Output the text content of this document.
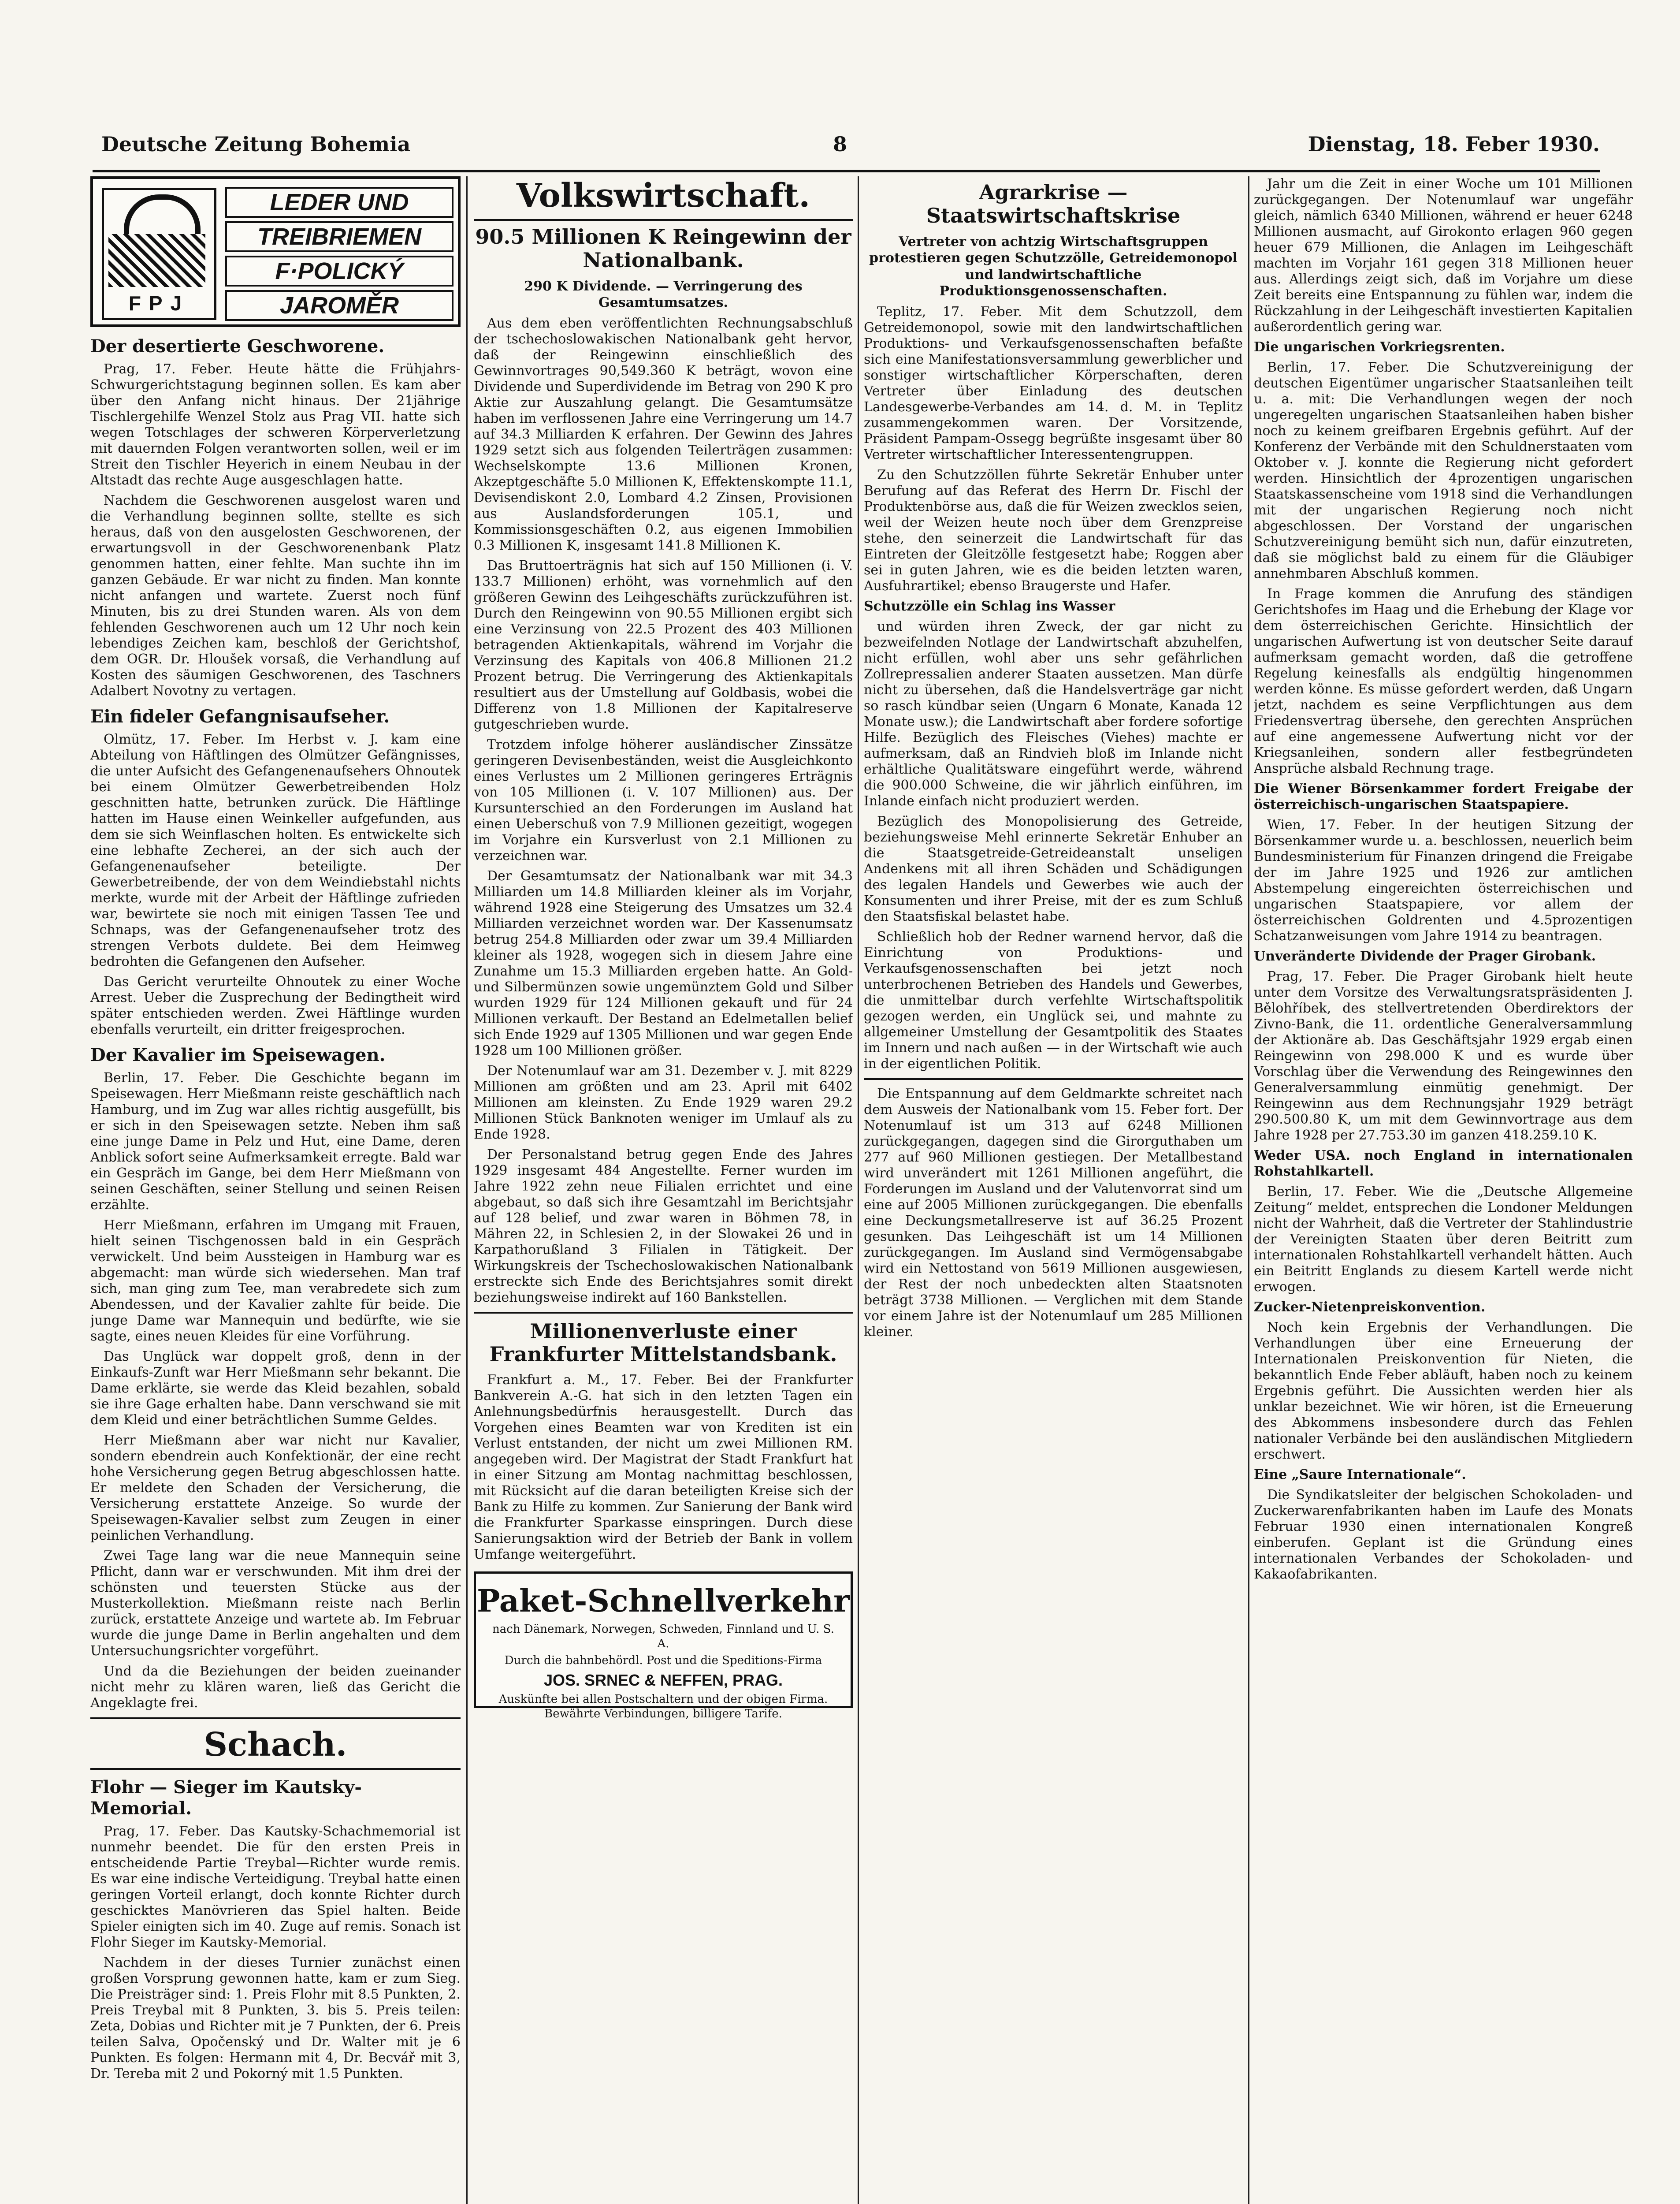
Deutsche Zeitung Bohemia	8	Dienstag, 18. Feber 1930.
FPJ
LEDER UND
TREIBRIEMEN
F·POLICKÝ
JAROMĚR
Der desertierte Geschworene.

Prag, 17. Feber. Heute hätte die Frühjahrs-Schwurgerichtstagung beginnen sollen. Es kam aber über den Anfang nicht hinaus. Der 21jährige Tischlergehilfe Wenzel Stolz aus Prag VII. hatte sich wegen Totschlages der schweren Körperverletzung mit dauernden Folgen verantworten sollen, weil er im Streit den Tischler Heyerich in einem Neubau in der Altstadt das rechte Auge ausgeschlagen hatte.

Nachdem die Geschworenen ausgelost waren und die Verhandlung beginnen sollte, stellte es sich heraus, daß von den ausgelosten Geschworenen, der erwartungsvoll in der Geschworenenbank Platz genommen hatten, einer fehlte. Man suchte ihn im ganzen Gebäude. Er war nicht zu finden. Man konnte nicht anfangen und wartete. Zuerst noch fünf Minuten, bis zu drei Stunden waren. Als von dem fehlenden Geschworenen auch um 12 Uhr noch kein lebendiges Zeichen kam, beschloß der Gerichtshof, dem OGR. Dr. Hloušek vorsaß, die Verhandlung auf Kosten des säumigen Geschworenen, des Taschners Adalbert Novotny zu vertagen.

Ein fideler Gefangnisaufseher.

Olmütz, 17. Feber. Im Herbst v. J. kam eine Abteilung von Häftlingen des Olmützer Gefängnisses, die unter Aufsicht des Gefangenenaufsehers Ohnoutek bei einem Olmützer Gewerbetreibenden Holz geschnitten hatte, betrunken zurück. Die Häftlinge hatten im Hause einen Weinkeller aufgefunden, aus dem sie sich Weinflaschen holten. Es entwickelte sich eine lebhafte Zecherei, an der sich auch der Gefangenenaufseher beteiligte. Der Gewerbetreibende, der von dem Weindiebstahl nichts merkte, wurde mit der Arbeit der Häftlinge zufrieden war, bewirtete sie noch mit einigen Tassen Tee und Schnaps, was der Gefangenenaufseher trotz des strengen Verbots duldete. Bei dem Heimweg bedrohten die Gefangenen den Aufseher.

Das Gericht verurteilte Ohnoutek zu einer Woche Arrest. Ueber die Zusprechung der Bedingtheit wird später entschieden werden. Zwei Häftlinge wurden ebenfalls verurteilt, ein dritter freigesprochen.

Der Kavalier im Speisewagen.

Berlin, 17. Feber. Die Geschichte begann im Speisewagen. Herr Mießmann reiste geschäftlich nach Hamburg, und im Zug war alles richtig ausgefüllt, bis er sich in den Speisewagen setzte. Neben ihm saß eine junge Dame in Pelz und Hut, eine Dame, deren Anblick sofort seine Aufmerksamkeit erregte. Bald war ein Gespräch im Gange, bei dem Herr Mießmann von seinen Geschäften, seiner Stellung und seinen Reisen erzählte.

Herr Mießmann, erfahren im Umgang mit Frauen, hielt seinen Tischgenossen bald in ein Gespräch verwickelt. Und beim Aussteigen in Hamburg war es abgemacht: man würde sich wiedersehen. Man traf sich, man ging zum Tee, man verabredete sich zum Abendessen, und der Kavalier zahlte für beide. Die junge Dame war Mannequin und bedürfte, wie sie sagte, eines neuen Kleides für eine Vorführung.

Das Unglück war doppelt groß, denn in der Einkaufs-Zunft war Herr Mießmann sehr bekannt. Die Dame erklärte, sie werde das Kleid bezahlen, sobald sie ihre Gage erhalten habe. Dann verschwand sie mit dem Kleid und einer beträchtlichen Summe Geldes.

Herr Mießmann aber war nicht nur Kavalier, sondern ebendrein auch Konfektionär, der eine recht hohe Versicherung gegen Betrug abgeschlossen hatte. Er meldete den Schaden der Versicherung, die Versicherung erstattete Anzeige. So wurde der Speisewagen-Kavalier selbst zum Zeugen in einer peinlichen Verhandlung.

Zwei Tage lang war die neue Mannequin seine Pflicht, dann war er verschwunden. Mit ihm drei der schönsten und teuersten Stücke aus der Musterkollektion. Mießmann reiste nach Berlin zurück, erstattete Anzeige und wartete ab. Im Februar wurde die junge Dame in Berlin angehalten und dem Untersuchungsrichter vorgeführt.

Und da die Beziehungen der beiden zueinander nicht mehr zu klären waren, ließ das Gericht die Angeklagte frei.

Schach.
Flohr — Sieger im Kautsky-Memorial.

Prag, 17. Feber. Das Kautsky-Schachmemorial ist nunmehr beendet. Die für den ersten Preis in entscheidende Partie Treybal—Richter wurde remis. Es war eine indische Verteidigung. Treybal hatte einen geringen Vorteil erlangt, doch konnte Richter durch geschicktes Manövrieren das Spiel halten. Beide Spieler einigten sich im 40. Zuge auf remis. Sonach ist Flohr Sieger im Kautsky-Memorial.

Nachdem in der dieses Turnier zunächst einen großen Vorsprung gewonnen hatte, kam er zum Sieg. Die Preisträger sind: 1. Preis Flohr mit 8.5 Punkten, 2. Preis Treybal mit 8 Punkten, 3. bis 5. Preis teilen: Zeta, Dobias und Richter mit je 7 Punkten, der 6. Preis teilen Salva, Opočenský und Dr. Walter mit je 6 Punkten. Es folgen: Hermann mit 4, Dr. Becvář mit 3, Dr. Tereba mit 2 und Pokorný mit 1.5 Punkten.

Volkswirtschaft.
90.5 Millionen K Reingewinn der Nationalbank.
290 K Dividende. — Verringerung des Gesamtumsatzes.

Aus dem eben veröffentlichten Rechnungsabschluß der tschechoslowakischen Nationalbank geht hervor, daß der Reingewinn einschließlich des Gewinnvortrages 90,549.360 K beträgt, wovon eine Dividende und Superdividende im Betrag von 290 K pro Aktie zur Auszahlung gelangt. Die Gesamtumsätze haben im verflossenen Jahre eine Verringerung um 14.7 auf 34.3 Milliarden K erfahren. Der Gewinn des Jahres 1929 setzt sich aus folgenden Teilerträgen zusammen: Wechselskompte 13.6 Millionen Kronen, Akzeptgeschäfte 5.0 Millionen K, Effektenskompte 11.1, Devisendiskont 2.0, Lombard 4.2 Zinsen, Provisionen aus Auslandsforderungen 105.1, und Kommissionsgeschäften 0.2, aus eigenen Immobilien 0.3 Millionen K, insgesamt 141.8 Millionen K.

Das Bruttoerträgnis hat sich auf 150 Millionen (i. V. 133.7 Millionen) erhöht, was vornehmlich auf den größeren Gewinn des Leihgeschäfts zurückzuführen ist. Durch den Reingewinn von 90.55 Millionen ergibt sich eine Verzinsung von 22.5 Prozent des 403 Millionen betragenden Aktienkapitals, während im Vorjahr die Verzinsung des Kapitals von 406.8 Millionen 21.2 Prozent betrug. Die Verringerung des Aktienkapitals resultiert aus der Umstellung auf Goldbasis, wobei die Differenz von 1.8 Millionen der Kapitalreserve gutgeschrieben wurde.

Trotzdem infolge höherer ausländischer Zinssätze geringeren Devisenbeständen, weist die Ausgleichkonto eines Verlustes um 2 Millionen geringeres Erträgnis von 105 Millionen (i. V. 107 Millionen) aus. Der Kursunterschied an den Forderungen im Ausland hat einen Ueberschuß von 7.9 Millionen gezeitigt, wogegen im Vorjahre ein Kursverlust von 2.1 Millionen zu verzeichnen war.

Der Gesamtumsatz der Nationalbank war mit 34.3 Milliarden um 14.8 Milliarden kleiner als im Vorjahr, während 1928 eine Steigerung des Umsatzes um 32.4 Milliarden verzeichnet worden war. Der Kassenumsatz betrug 254.8 Milliarden oder zwar um 39.4 Milliarden kleiner als 1928, wogegen sich in diesem Jahre eine Zunahme um 15.3 Milliarden ergeben hatte. An Gold- und Silbermünzen sowie ungemünztem Gold und Silber wurden 1929 für 124 Millionen gekauft und für 24 Millionen verkauft. Der Bestand an Edelmetallen belief sich Ende 1929 auf 1305 Millionen und war gegen Ende 1928 um 100 Millionen größer.

Der Notenumlauf war am 31. Dezember v. J. mit 8229 Millionen am größten und am 23. April mit 6402 Millionen am kleinsten. Zu Ende 1929 waren 29.2 Millionen Stück Banknoten weniger im Umlauf als zu Ende 1928.

Der Personalstand betrug gegen Ende des Jahres 1929 insgesamt 484 Angestellte. Ferner wurden im Jahre 1922 zehn neue Filialen errichtet und eine abgebaut, so daß sich ihre Gesamtzahl im Berichtsjahr auf 128 belief, und zwar waren in Böhmen 78, in Mähren 22, in Schlesien 2, in der Slowakei 26 und in Karpathorußland 3 Filialen in Tätigkeit. Der Wirkungskreis der Tschechoslowakischen Nationalbank erstreckte sich Ende des Berichtsjahres somit direkt beziehungsweise indirekt auf 160 Bankstellen.

Millionenverluste einer Frankfurter Mittelstandsbank.

Frankfurt a. M., 17. Feber. Bei der Frankfurter Bankverein A.-G. hat sich in den letzten Tagen ein Anlehnungsbedürfnis herausgestellt. Durch das Vorgehen eines Beamten war von Krediten ist ein Verlust entstanden, der nicht um zwei Millionen RM. angegeben wird. Der Magistrat der Stadt Frankfurt hat in einer Sitzung am Montag nachmittag beschlossen, mit Rücksicht auf die daran beteiligten Kreise sich der Bank zu Hilfe zu kommen. Zur Sanierung der Bank wird die Frankfurter Sparkasse einspringen. Durch diese Sanierungsaktion wird der Betrieb der Bank in vollem Umfange weitergeführt.

Paket-Schnellverkehr
nach Dänemark, Norwegen, Schweden, Finnland und U. S. A.
Durch die bahnbehördl. Post und die Speditions-Firma
JOS. SRNEC & NEFFEN, PRAG.
Auskünfte bei allen Postschaltern und der obigen Firma. Bewährte Verbindungen, billigere Tarife.
Agrarkrise — Staatswirtschaftskrise
Vertreter von achtzig Wirtschaftsgruppen protestieren gegen Schutzzölle, Getreidemonopol und landwirtschaftliche Produktionsgenossenschaften.

Teplitz, 17. Feber. Mit dem Schutzzoll, dem Getreidemonopol, sowie mit den landwirtschaftlichen Produktions- und Verkaufsgenossenschaften befaßte sich eine Manifestationsversammlung gewerblicher und sonstiger wirtschaftlicher Körperschaften, deren Vertreter über Einladung des deutschen Landesgewerbe-Verbandes am 14. d. M. in Teplitz zusammengekommen waren. Der Vorsitzende, Präsident Pampam-Ossegg begrüßte insgesamt über 80 Vertreter wirtschaftlicher Interessentengruppen.

Zu den Schutzzöllen führte Sekretär Enhuber unter Berufung auf das Referat des Herrn Dr. Fischl der Produktenbörse aus, daß die für Weizen zwecklos seien, weil der Weizen heute noch über dem Grenzpreise stehe, den seinerzeit die Landwirtschaft für das Eintreten der Gleitzölle festgesetzt habe; Roggen aber sei in guten Jahren, wie es die beiden letzten waren, Ausfuhrartikel; ebenso Braugerste und Hafer.

Schutzzölle ein Schlag ins Wasser

und würden ihren Zweck, der gar nicht zu bezweifelnden Notlage der Landwirtschaft abzuhelfen, nicht erfüllen, wohl aber uns sehr gefährlichen Zollrepressalien anderer Staaten aussetzen. Man dürfe nicht zu übersehen, daß die Handelsverträge gar nicht so rasch kündbar seien (Ungarn 6 Monate, Kanada 12 Monate usw.); die Landwirtschaft aber fordere sofortige Hilfe. Bezüglich des Fleisches (Viehes) machte er aufmerksam, daß an Rindvieh bloß im Inlande nicht erhältliche Qualitätsware eingeführt werde, während die 900.000 Schweine, die wir jährlich einführen, im Inlande einfach nicht produziert werden.

Bezüglich des Monopolisierung des Getreide, beziehungsweise Mehl erinnerte Sekretär Enhuber an die Staatsgetreide-Getreideanstalt unseligen Andenkens mit all ihren Schäden und Schädigungen des legalen Handels und Gewerbes wie auch der Konsumenten und ihrer Preise, mit der es zum Schluß den Staatsfiskal belastet habe.

Schließlich hob der Redner warnend hervor, daß die Einrichtung von Produktions- und Verkaufsgenossenschaften bei jetzt noch unterbrochenen Betrieben des Handels und Gewerbes, die unmittelbar durch verfehlte Wirtschaftspolitik gezogen werden, ein Unglück sei, und mahnte zu allgemeiner Umstellung der Gesamtpolitik des Staates im Innern und nach außen — in der Wirtschaft wie auch in der eigentlichen Politik.

Die Entspannung auf dem Geldmarkte schreitet nach dem Ausweis der Nationalbank vom 15. Feber fort. Der Notenumlauf ist um 313 auf 6248 Millionen zurückgegangen, dagegen sind die Girorguthaben um 277 auf 960 Millionen gestiegen. Der Metallbestand wird unverändert mit 1261 Millionen angeführt, die Forderungen im Ausland und der Valutenvorrat sind um eine auf 2005 Millionen zurückgegangen. Die ebenfalls eine Deckungsmetallreserve ist auf 36.25 Prozent gesunken. Das Leihgeschäft ist um 14 Millionen zurückgegangen. Im Ausland sind Vermögensabgabe wird ein Nettostand von 5619 Millionen ausgewiesen, der Rest der noch unbedeckten alten Staatsnoten beträgt 3738 Millionen. — Verglichen mit dem Stande vor einem Jahre ist der Notenumlauf um 285 Millionen kleiner.

Jahr um die Zeit in einer Woche um 101 Millionen zurückgegangen. Der Notenumlauf war ungefähr gleich, nämlich 6340 Millionen, während er heuer 6248 Millionen ausmacht, auf Girokonto erlagen 960 gegen heuer 679 Millionen, die Anlagen im Leihgeschäft machten im Vorjahr 161 gegen 318 Millionen heuer aus. Allerdings zeigt sich, daß im Vorjahre um diese Zeit bereits eine Entspannung zu fühlen war, indem die Rückzahlung in der Leihgeschäft investierten Kapitalien außerordentlich gering war.

Die ungarischen Vorkriegsrenten.

Berlin, 17. Feber. Die Schutzvereinigung der deutschen Eigentümer ungarischer Staatsanleihen teilt u. a. mit: Die Verhandlungen wegen der noch ungeregelten ungarischen Staatsanleihen haben bisher noch zu keinem greifbaren Ergebnis geführt. Auf der Konferenz der Verbände mit den Schuldnerstaaten vom Oktober v. J. konnte die Regierung nicht gefordert werden. Hinsichtlich der 4prozentigen ungarischen Staatskassenscheine vom 1918 sind die Verhandlungen mit der ungarischen Regierung noch nicht abgeschlossen. Der Vorstand der ungarischen Schutzvereinigung bemüht sich nun, dafür einzutreten, daß sie möglichst bald zu einem für die Gläubiger annehmbaren Abschluß kommen.

In Frage kommen die Anrufung des ständigen Gerichtshofes im Haag und die Erhebung der Klage vor dem österreichischen Gerichte. Hinsichtlich der ungarischen Aufwertung ist von deutscher Seite darauf aufmerksam gemacht worden, daß die getroffene Regelung keinesfalls als endgültig hingenommen werden könne. Es müsse gefordert werden, daß Ungarn jetzt, nachdem es seine Verpflichtungen aus dem Friedensvertrag übersehe, den gerechten Ansprüchen auf eine angemessene Aufwertung nicht vor der Kriegsanleihen, sondern aller festbegründeten Ansprüche alsbald Rechnung trage.

Die Wiener Börsenkammer fordert Freigabe der österreichisch-ungarischen Staatspapiere.

Wien, 17. Feber. In der heutigen Sitzung der Börsenkammer wurde u. a. beschlossen, neuerlich beim Bundesministerium für Finanzen dringend die Freigabe der im Jahre 1925 und 1926 zur amtlichen Abstempelung eingereichten österreichischen und ungarischen Staatspapiere, vor allem der österreichischen Goldrenten und 4.5prozentigen Schatzanweisungen vom Jahre 1914 zu beantragen.

Unveränderte Dividende der Prager Girobank.

Prag, 17. Feber. Die Prager Girobank hielt heute unter dem Vorsitze des Verwaltungsratspräsidenten J. Bělohříbek, des stellvertretenden Oberdirektors der Zivno-Bank, die 11. ordentliche Generalversammlung der Aktionäre ab. Das Geschäftsjahr 1929 ergab einen Reingewinn von 298.000 K und es wurde über Vorschlag über die Verwendung des Reingewinnes den Generalversammlung einmütig genehmigt. Der Reingewinn aus dem Rechnungsjahr 1929 beträgt 290.500.80 K, um mit dem Gewinnvortrage aus dem Jahre 1928 per 27.753.30 im ganzen 418.259.10 K.

Weder USA. noch England in internationalen Rohstahlkartell.

Berlin, 17. Feber. Wie die „Deutsche Allgemeine Zeitung“ meldet, entsprechen die Londoner Meldungen nicht der Wahrheit, daß die Vertreter der Stahlindustrie der Vereinigten Staaten über deren Beitritt zum internationalen Rohstahlkartell verhandelt hätten. Auch ein Beitritt Englands zu diesem Kartell werde nicht erwogen.

Zucker-Nietenpreiskonvention.

Noch kein Ergebnis der Verhandlungen. Die Verhandlungen über eine Erneuerung der Internationalen Preiskonvention für Nieten, die bekanntlich Ende Feber abläuft, haben noch zu keinem Ergebnis geführt. Die Aussichten werden hier als unklar bezeichnet. Wie wir hören, ist die Erneuerung des Abkommens insbesondere durch das Fehlen nationaler Verbände bei den ausländischen Mitgliedern erschwert.

Eine „Saure Internationale“.

Die Syndikatsleiter der belgischen Schokoladen- und Zuckerwarenfabrikanten haben im Laufe des Monats Februar 1930 einen internationalen Kongreß einberufen. Geplant ist die Gründung eines internationalen Verbandes der Schokoladen- und Kakaofabrikanten.
